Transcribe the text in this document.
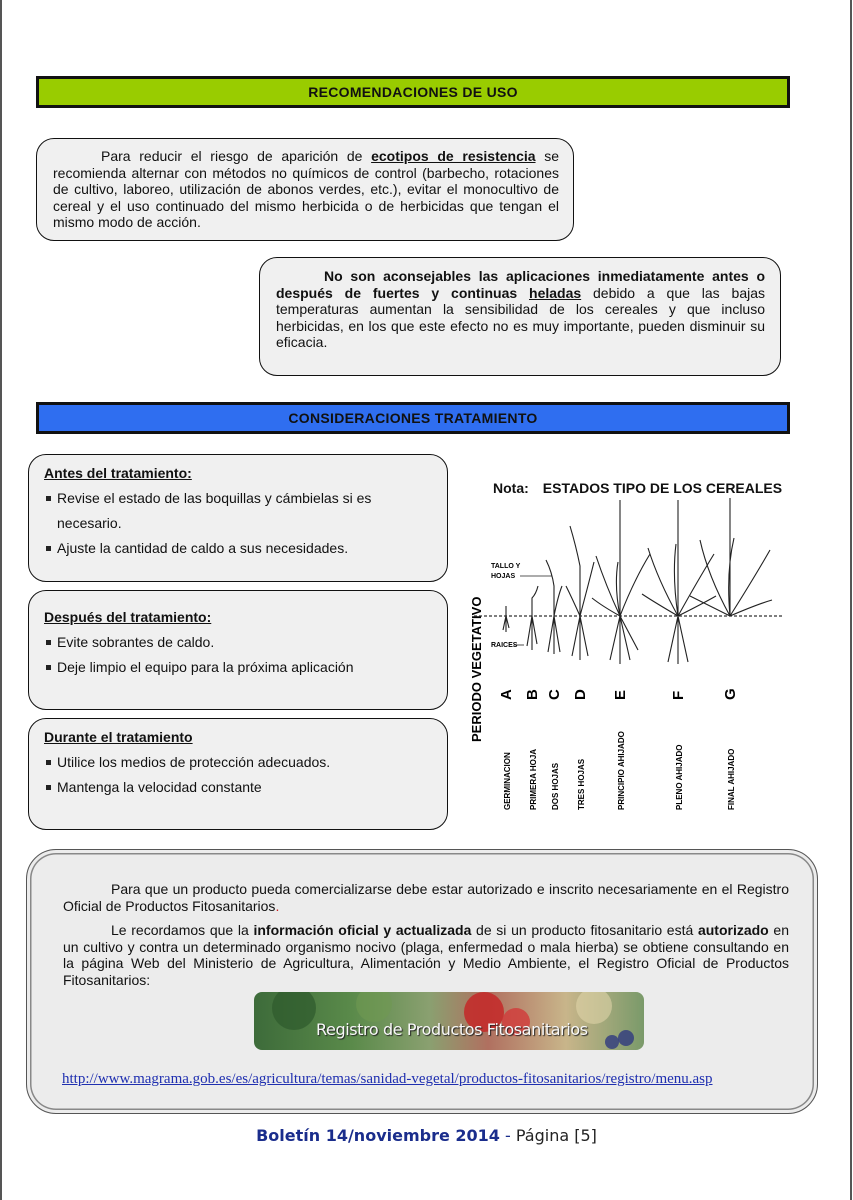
RECOMENDACIONES DE USO

Para reducir el riesgo de aparición de ecotipos de resistencia se recomienda alternar con métodos no químicos de control (barbecho, rotaciones de cultivo, laboreo, utilización de abonos verdes, etc.), evitar el monocultivo de cereal y el uso continuado del mismo herbicida o de herbicidas que tengan el mismo modo de acción.

No son aconsejables las aplicaciones inmediatamente antes o después de fuertes y continuas heladas debido a que las bajas temperaturas aumentan la sensibilidad de los cereales y que incluso herbicidas, en los que este efecto no es muy importante, pueden disminuir su eficacia.

CONSIDERACIONES TRATAMIENTO
Antes del tratamiento:
Revise el estado de las boquillas y cámbielas si es necesario.
Ajuste la cantidad de caldo a sus necesidades.
Después del tratamiento:
Evite sobrantes de caldo.
Deje limpio el equipo para la próxima aplicación
Durante el tratamiento
Utilice los medios de protección adecuados.
Mantenga la velocidad constante
Nota: ESTADOS TIPO DE LOS CEREALES
PERIODO VEGETATIVO
TALLO Y
HOJAS
RAICES
A
GERMINACION
B
PRIMERA HOJA
C
DOS HOJAS
D
TRES HOJAS
E
PRINCIPIO AHIJADO
F
PLENO AHIJADO
G
FINAL AHIJADO

Para que un producto pueda comercializarse debe estar autorizado e inscrito necesariamente en el Registro Oficial de Productos Fitosanitarios.

Le recordamos que la información oficial y actualizada de si un producto fitosanitario está autorizado en un cultivo y contra un determinado organismo nocivo (plaga, enfermedad o mala hierba) se obtiene consultando en la página Web del Ministerio de Agricultura, Alimentación y Medio Ambiente, el Registro Oficial de Productos Fitosanitarios:

Registro de Productos Fitosanitarios
http://www.magrama.gob.es/es/agricultura/temas/sanidad-vegetal/productos-fitosanitarios/registro/menu.asp
Boletín 14/noviembre 2014 - Página [5]
